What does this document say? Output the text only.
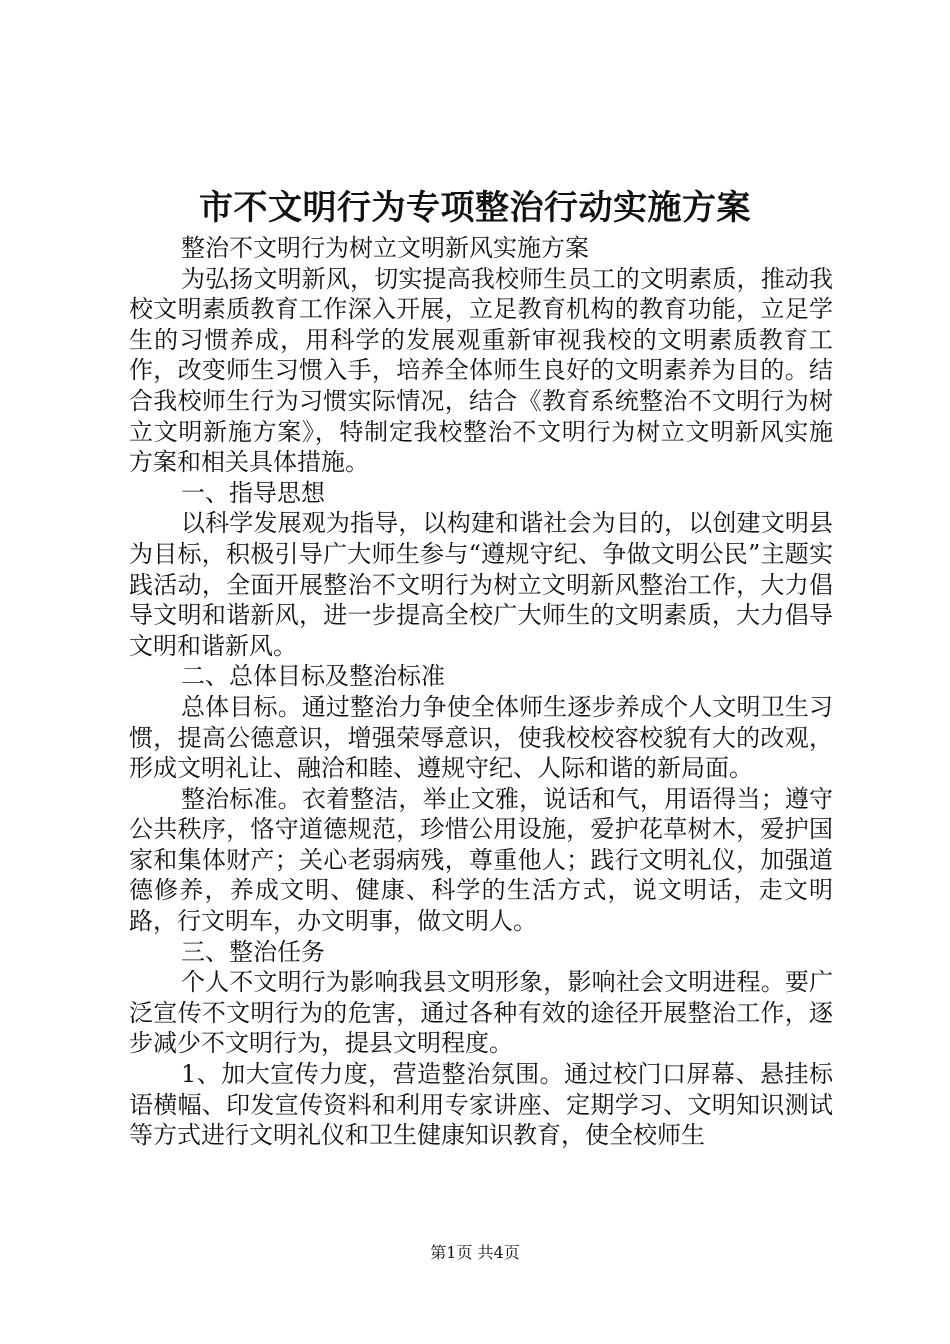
市不文明行为专项整治行动实施方案

整治不文明行为树立文明新风实施方案

为弘扬文明新风，切实提高我校师生员工的文明素质，推动我校文明素质教育工作深入开展，立足教育机构的教育功能，立足学生的习惯养成，用科学的发展观重新审视我校的文明素质教育工作，改变师生习惯入手，培养全体师生良好的文明素养为目的。结合我校师生行为习惯实际情况，结合《教育系统整治不文明行为树立文明新施方案》，特制定我校整治不文明行为树立文明新风实施方案和相关具体措施。

一、指导思想

以科学发展观为指导，以构建和谐社会为目的，以创建文明县为目标，积极引导广大师生参与“遵规守纪、争做文明公民”主题实践活动，全面开展整治不文明行为树立文明新风整治工作，大力倡导文明和谐新风，进一步提高全校广大师生的文明素质，大力倡导文明和谐新风。

二、总体目标及整治标准

总体目标。通过整治力争使全体师生逐步养成个人文明卫生习惯，提高公德意识，增强荣辱意识，使我校校容校貌有大的改观，形成文明礼让、融洽和睦、遵规守纪、人际和谐的新局面。

整治标准。衣着整洁，举止文雅，说话和气，用语得当；遵守公共秩序，恪守道德规范，珍惜公用设施，爱护花草树木，爱护国家和集体财产；关心老弱病残，尊重他人；践行文明礼仪，加强道德修养，养成文明、健康、科学的生活方式，说文明话，走文明路，行文明车，办文明事，做文明人。

三、整治任务

个人不文明行为影响我县文明形象，影响社会文明进程。要广泛宣传不文明行为的危害，通过各种有效的途径开展整治工作，逐步减少不文明行为，提县文明程度。

1、加大宣传力度，营造整治氛围。通过校门口屏幕、悬挂标语横幅、印发宣传资料和利用专家讲座、定期学习、文明知识测试等方式进行文明礼仪和卫生健康知识教育，使全校师生

第1页 共4页
